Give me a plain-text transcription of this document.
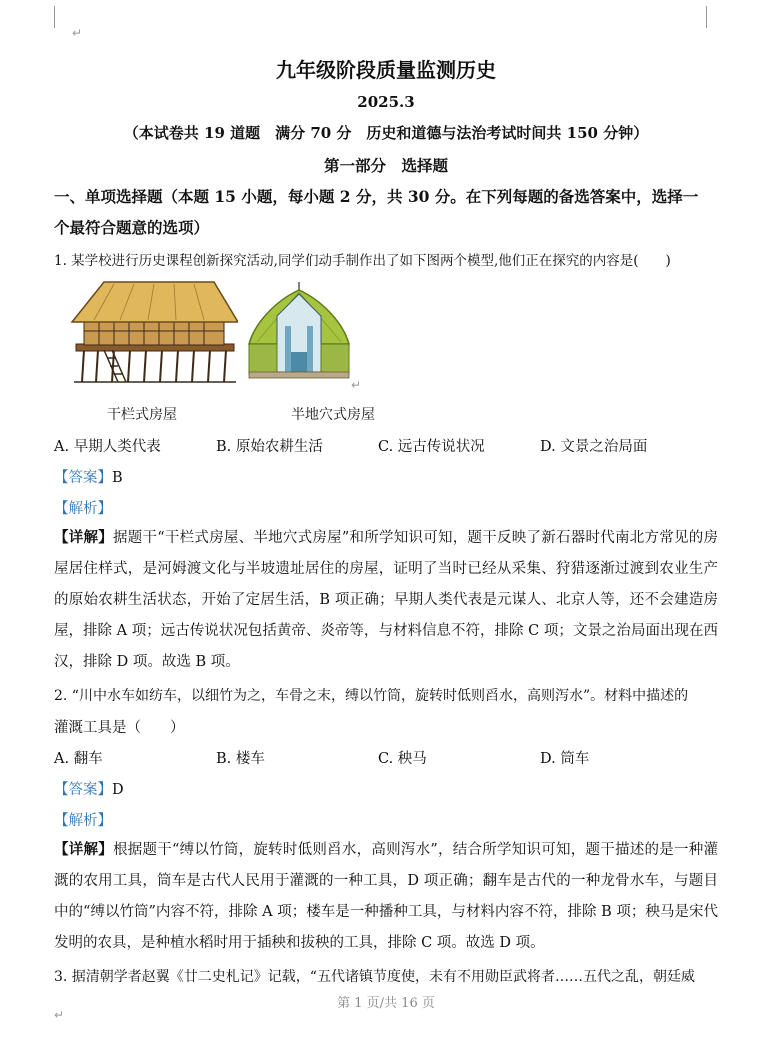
↵
↵
九年级阶段质量监测历史
2025.3
（本试卷共 19 道题　满分 70 分　历史和道德与法治考试时间共 150 分钟）
第一部分　选择题
一、单项选择题（本题 15 小题，每小题 2 分，共 30 分。在下列每题的备选答案中，选择一
个最符合题意的选项）
1. 某学校进行历史课程创新探究活动,同学们动手制作出了如下图两个模型,他们正在探究的内容是(　　)
↵
干栏式房屋	半地穴式房屋
A. 早期人类代表	B. 原始农耕生活	C. 远古传说状况	D. 文景之治局面
【答案】B
【解析】
【详解】据题干“干栏式房屋、半地穴式房屋”和所学知识可知，题干反映了新石器时代南北方常见的房屋居住样式，是河姆渡文化与半坡遗址居住的房屋，证明了当时已经从采集、狩猎逐渐过渡到农业生产的原始农耕生活状态，开始了定居生活，B 项正确；早期人类代表是元谋人、北京人等，还不会建造房屋，排除 A 项；远古传说状况包括黄帝、炎帝等，与材料信息不符，排除 C 项；文景之治局面出现在西汉，排除 D 项。故选 B 项。
2. “川中水车如纺车，以细竹为之，车骨之末，缚以竹筒，旋转时低则舀水，高则泻水”。材料中描述的
灌溉工具是（　　）
A. 翻车	B. 楼车	C. 秧马	D. 筒车
【答案】D
【解析】
【详解】根据题干“缚以竹筒，旋转时低则舀水，高则泻水”，结合所学知识可知，题干描述的是一种灌溉的农用工具，筒车是古代人民用于灌溉的一种工具，D 项正确；翻车是古代的一种龙骨水车，与题目中的“缚以竹筒”内容不符，排除 A 项；楼车是一种播种工具，与材料内容不符，排除 B 项；秧马是宋代发明的农具，是种植水稻时用于插秧和拔秧的工具，排除 C 项。故选 D 项。
3. 据清朝学者赵翼《廿二史札记》记载，“五代诸镇节度使，未有不用勋臣武将者……五代之乱，朝廷威
第 1 页/共 16 页
